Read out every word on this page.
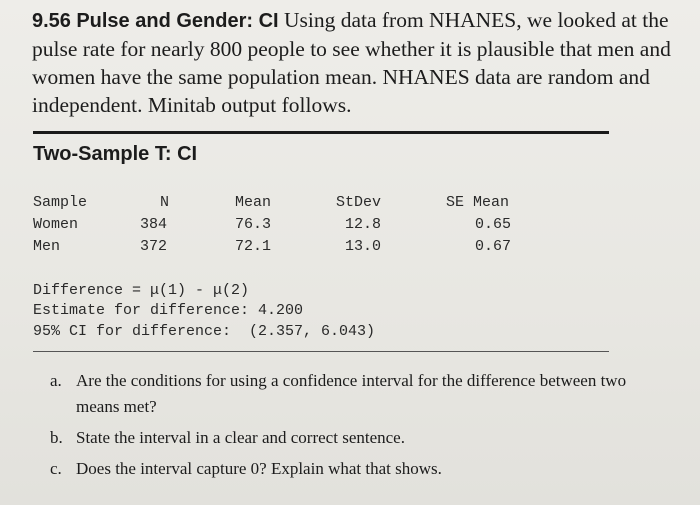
9.56 Pulse and Gender: CI Using data from NHANES, we looked at the pulse rate for nearly 800 people to see whether it is plausible that men and women have the same population mean. NHANES data are random and independent. Minitab output follows.
Two-Sample T: CI
Sample	N	Mean	StDev	SE Mean
Women	384	76.3	12.8	0.65
Men	372	72.1	13.0	0.67
Difference = μ(1) - μ(2)
Estimate for difference: 4.200
95% CI for difference:  (2.357, 6.043)
a. Are the conditions for using a confidence interval for the difference between two means met?
b. State the interval in a clear and correct sentence.
c. Does the interval capture 0? Explain what that shows.
